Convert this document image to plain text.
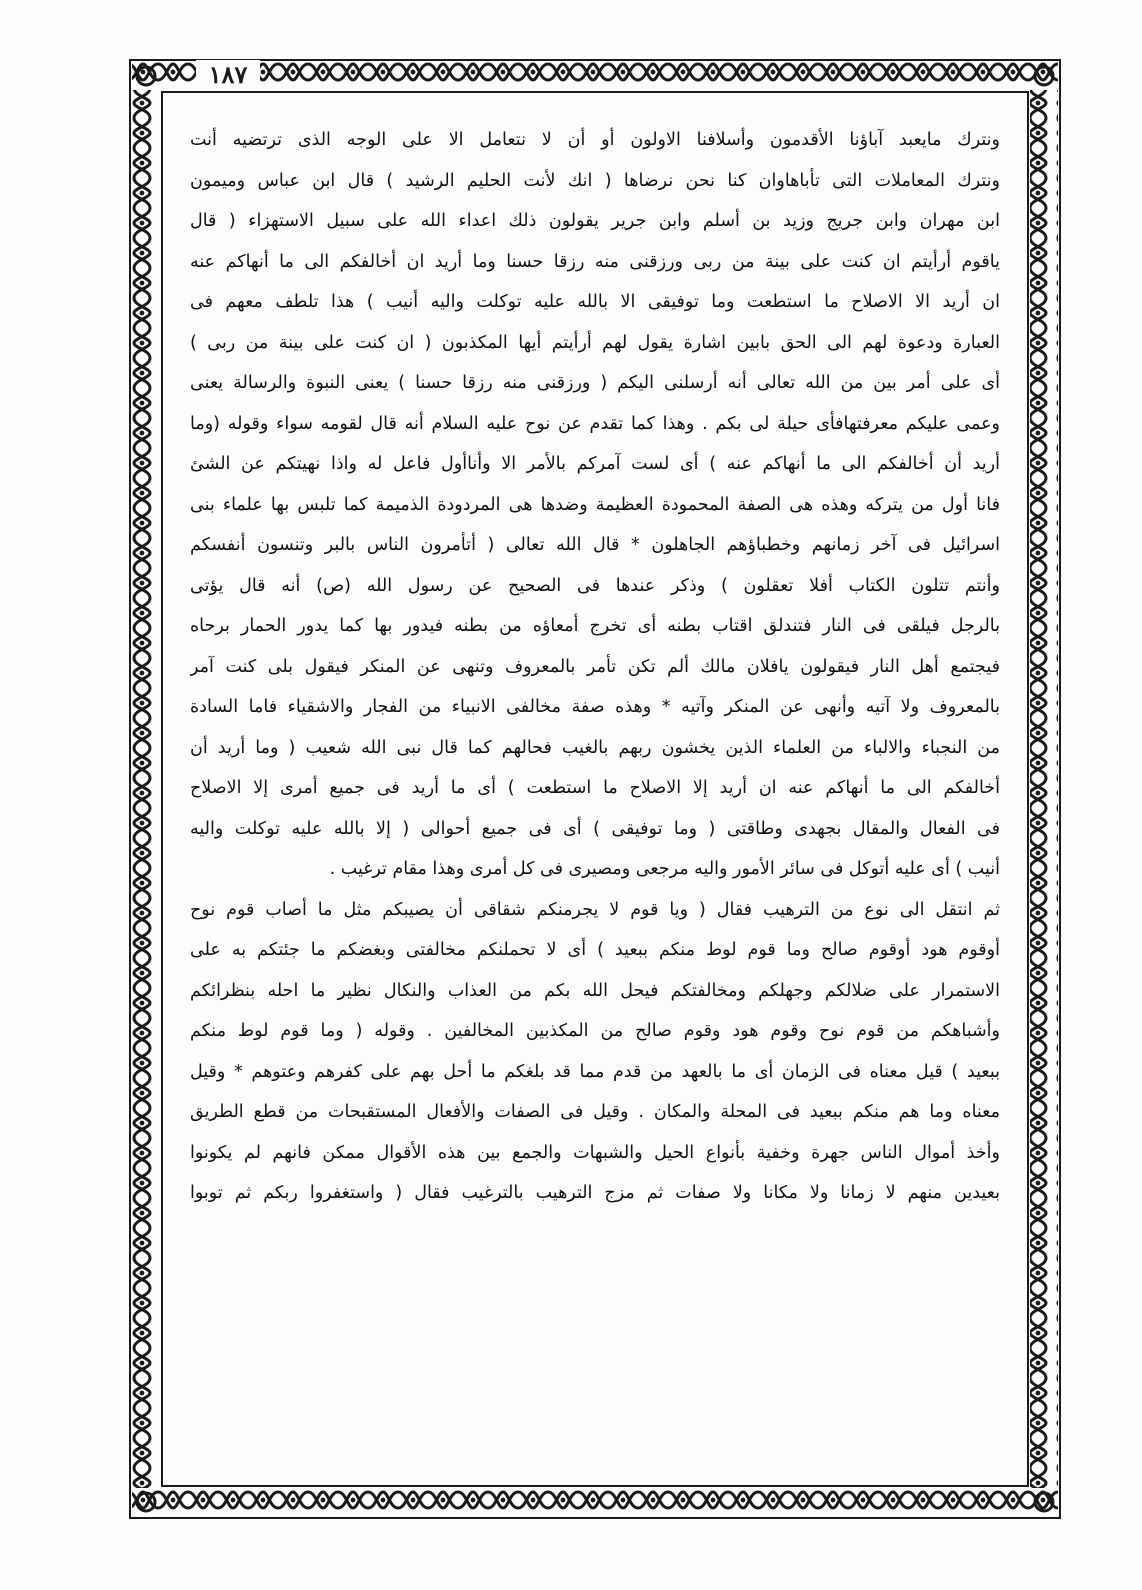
١٨٧
ونترك مايعبد آباؤنا الأقدمون وأسلافنا الاولون أو أن لا نتعامل الا على الوجه الذى ترتضيه أنت
ونترك المعاملات التى تأباهاوان كنا نحن نرضاها ( انك لأنت الحليم الرشيد ) قال ابن عباس وميمون
ابن مهران وابن جريج وزيد بن أسلم وابن جرير يقولون ذلك اعداء الله على سبيل الاستهزاء ( قال
ياقوم أرأيتم ان كنت على بينة من ربى ورزقنى منه رزقا حسنا وما أريد ان أخالفكم الى ما أنهاكم عنه
ان أريد الا الاصلاح ما استطعت وما توفيقى الا بالله عليه توكلت واليه أنيب ) هذا تلطف معهم فى
العبارة ودعوة لهم الى الحق بابين اشارة يقول لهم أرأيتم أيها المكذبون ( ان كنت على بينة من ربى )
أى على أمر بين من الله تعالى أنه أرسلنى اليكم ( ورزقنى منه رزقا حسنا ) يعنى النبوة والرسالة يعنى
وعمى عليكم معرفتهافأى حيلة لى بكم . وهذا كما تقدم عن نوح عليه السلام أنه قال لقومه سواء وقوله (وما
أريد أن أخالفكم الى ما أنهاكم عنه ) أى لست آمركم بالأمر الا وأناأول فاعل له واذا نهيتكم عن الشئ
فانا أول من يتركه وهذه هى الصفة المحمودة العظيمة وضدها هى المردودة الذميمة كما تلبس بها علماء بنى
اسرائيل فى آخر زمانهم وخطباؤهم الجاهلون * قال الله تعالى ( أتأمرون الناس بالبر وتنسون أنفسكم
وأنتم تتلون الكتاب أفلا تعقلون ) وذكر عندها فى الصحيح عن رسول الله (ص) أنه قال يؤتى
بالرجل فيلقى فى النار فتندلق اقتاب بطنه أى تخرج أمعاؤه من بطنه فيدور بها كما يدور الحمار برحاه
فيجتمع أهل النار فيقولون يافلان مالك ألم تكن تأمر بالمعروف وتنهى عن المنكر فيقول بلى كنت آمر
بالمعروف ولا آتيه وأنهى عن المنكر وآتيه * وهذه صفة مخالفى الانبياء من الفجار والاشقياء فاما السادة
من النجباء والالباء من العلماء الذين يخشون ربهم بالغيب فحالهم كما قال نبى الله شعيب ( وما أريد أن
أخالفكم الى ما أنهاكم عنه ان أريد إلا الاصلاح ما استطعت ) أى ما أريد فى جميع أمرى إلا الاصلاح
فى الفعال والمقال بجهدى وطاقتى ( وما توفيقى ) أى فى جميع أحوالى ( إلا بالله عليه توكلت واليه
أنيب ) أى عليه أتوكل فى سائر الأمور واليه مرجعى ومصيرى فى كل أمرى وهذا مقام ترغيب .
ثم انتقل الى نوع من الترهيب فقال ( ويا قوم لا يجرمنكم شقاقى أن يصيبكم مثل ما أصاب قوم نوح
أوقوم هود أوقوم صالح وما قوم لوط منكم ببعيد ) أى لا تحملنكم مخالفتى وبغضكم ما جئتكم به على
الاستمرار على ضلالكم وجهلكم ومخالفتكم فيحل الله بكم من العذاب والنكال نظير ما احله بنظرائكم
وأشباهكم من قوم نوح وقوم هود وقوم صالح من المكذبين المخالفين . وقوله ( وما قوم لوط منكم
ببعيد ) قيل معناه فى الزمان أى ما بالعهد من قدم مما قد بلغكم ما أحل بهم على كفرهم وعتوهم * وقيل
معناه وما هم منكم ببعيد فى المحلة والمكان . وقيل فى الصفات والأفعال المستقبحات من قطع الطريق
وأخذ أموال الناس جهرة وخفية بأنواع الحيل والشبهات والجمع بين هذه الأقوال ممكن فانهم لم يكونوا
بعيدين منهم لا زمانا ولا مكانا ولا صفات ثم مزج الترهيب بالترغيب فقال ( واستغفروا ربكم ثم توبوا
